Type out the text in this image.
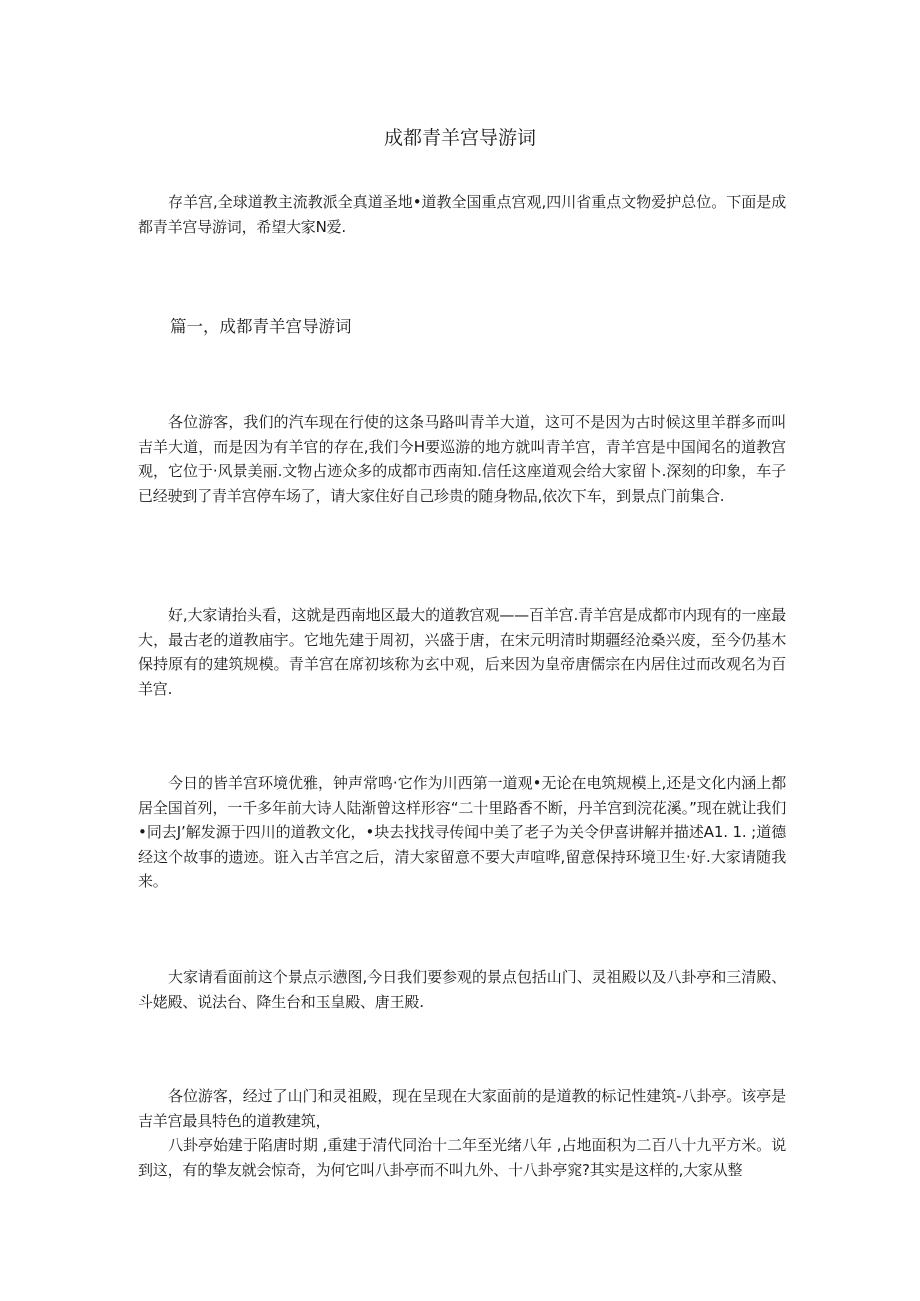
成都青羊宫导游词

存羊宫,全球道教主流教派全真道圣地•道教全国重点宫观,四川省重点文物爱护总位。下面是成都青羊宫导游词，希望大家N爱.

篇一，成都青羊宫导游词

各位游客，我们的汽车现在行使的这条马路叫青羊大道，这可不是因为古时候这里羊群多而叫吉羊大道，而是因为有羊官的存在,我们今H要巡游的地方就叫青羊宫，青羊宫是中国闻名的道教宫观，它位于·风景美丽.文物占迹众多的成都市西南知.信任这座道观会给大家留卜.深刻的印象，车子已经驶到了青羊宫停车场了，请大家住好自己珍贵的随身物品,依次下车，到景点门前集合.

好,大家请抬头看，这就是西南地区最大的道教宫观——百羊宫.青羊宫是成都市内现有的一座最大，最古老的道教庙宇。它地先建于周初，兴盛于唐，在宋元明清时期疆经沧桑兴废，至今仍基木保持原有的建筑规模。青羊宫在席初垓称为玄中观，后来因为皇帝唐儒宗在内居住过而改观名为百羊宫.

今日的皆羊宫环境优雅，钟声常鸣·它作为川西第一道观•无论在电筑规模上,还是文化内涵上都居全国首列，一千多年前大诗人陆渐曾这样形容“二十里路香不断，丹羊宫到浣花溪。”现在就让我们•同去J’解发源于四川的道教文化，•块去找找寻传闻中美了老子为关令伊喜讲解并描述A1. 1. ;道德经这个故事的遗迹。诳入古羊宫之后，清大家留意不要大声喧哗,留意保持环境卫生·好.大家请随我来。

大家请看面前这个景点示懑图,今日我们要参观的景点包括山门、灵祖殿以及八卦亭和三清殿、斗姥殿、说法台、降生台和玉皇殿、唐王殿.

各位游客，经过了山门和灵祖殿，现在呈现在大家面前的是道教的标记性建筑-八卦亭。该亭是吉羊宫最具特色的道教建筑，

八卦亭始建于陷唐时期 ,重建于清代同治十二年至光绪八年 ,占地面积为二百八十九平方米。说到这，有的挚友就会惊奇，为何它叫八卦亭而不叫九外、十八卦亭窕?其实是这样的,大家从整
